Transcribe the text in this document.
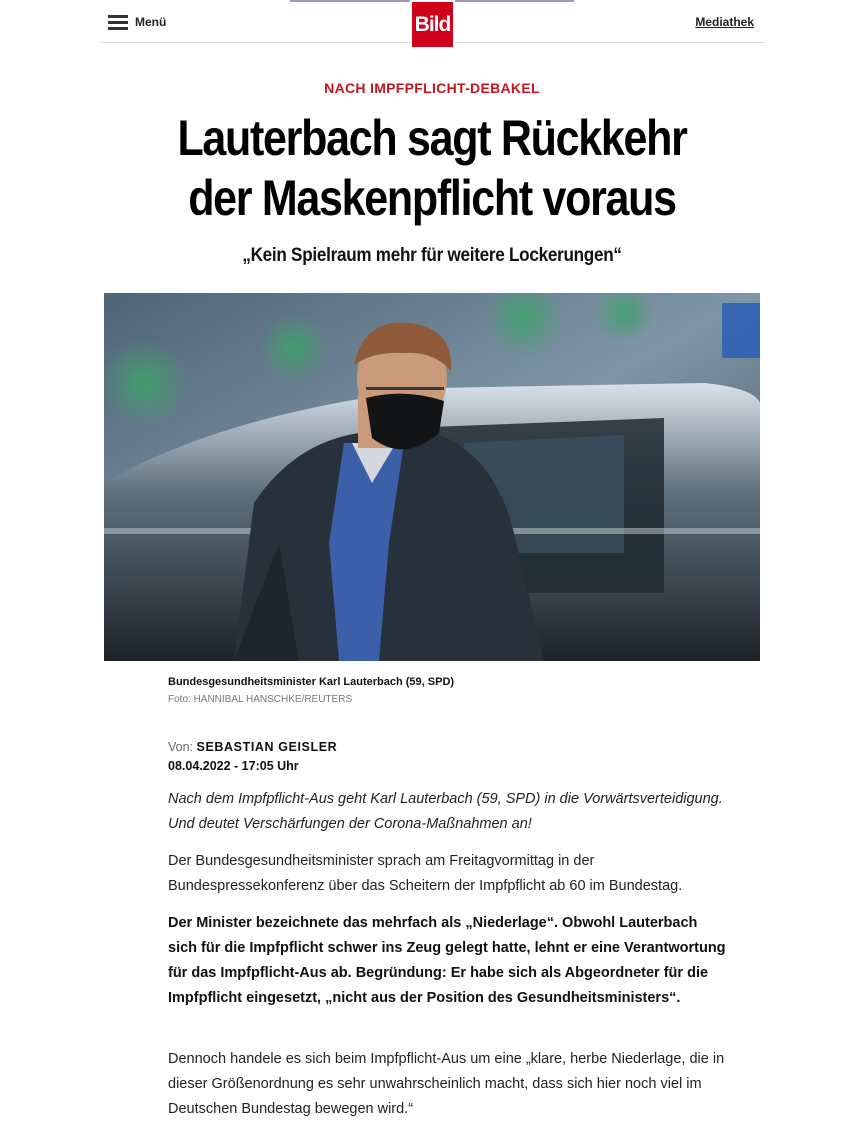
Menü	Bild	Mediathek
NACH IMPFPFLICHT-DEBAKEL
Lauterbach sagt Rückkehr
der Maskenpflicht voraus
„Kein Spielraum mehr für weitere Lockerungen“
Bundesgesundheitsminister Karl Lauterbach (59, SPD)
Foto: HANNIBAL HANSCHKE/REUTERS
Von: SEBASTIAN GEISLER
08.04.2022 - 17:05 Uhr

Nach dem Impfpflicht-Aus geht Karl Lauterbach (59, SPD) in die Vorwärtsverteidigung. Und deutet Verschärfungen der Corona-Maßnahmen an!

Der Bundesgesundheitsminister sprach am Freitagvormittag in der Bundespressekonferenz über das Scheitern der Impfpflicht ab 60 im Bundestag.

Der Minister bezeichnete das mehrfach als „Niederlage“. Obwohl Lauterbach sich für die Impfpflicht schwer ins Zeug gelegt hatte, lehnt er eine Verantwortung für das Impfpflicht-Aus ab. Begründung: Er habe sich als Abgeordneter für die Impfpflicht eingesetzt, „nicht aus der Position des Gesundheitsministers“.

Dennoch handele es sich beim Impfpflicht-Aus um eine „klare, herbe Niederlage, die in dieser Größenordnung es sehr unwahrscheinlich macht, dass sich hier noch viel im Deutschen Bundestag bewegen wird.“
